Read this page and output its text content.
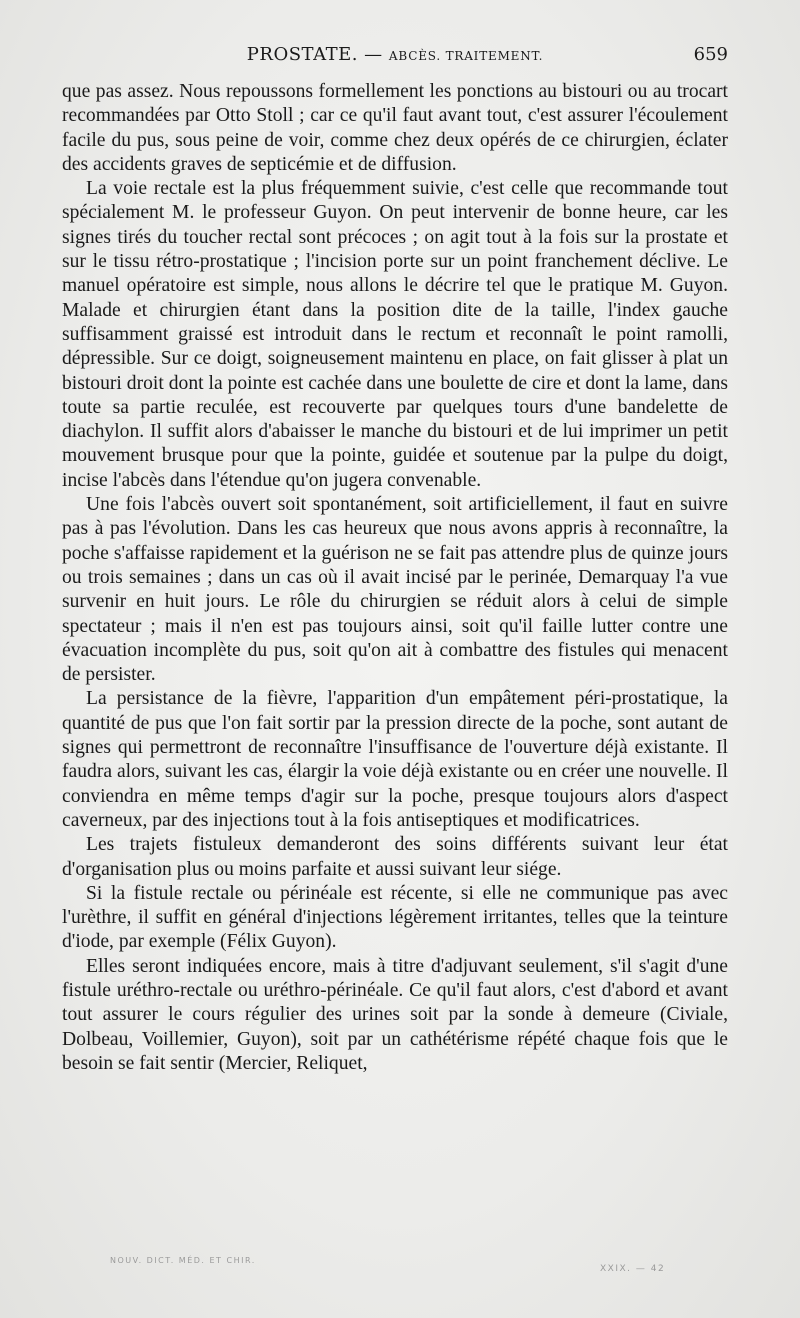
PROSTATE. — ABCÈS. TRAITEMENT.	659

que pas assez. Nous repoussons formellement les ponctions au bistouri ou au trocart recommandées par Otto Stoll ; car ce qu'il faut avant tout, c'est assurer l'écoulement facile du pus, sous peine de voir, comme chez deux opérés de ce chirurgien, éclater des accidents graves de septicémie et de diffusion.

La voie rectale est la plus fréquemment suivie, c'est celle que recommande tout spécialement M. le professeur Guyon. On peut intervenir de bonne heure, car les signes tirés du toucher rectal sont précoces ; on agit tout à la fois sur la prostate et sur le tissu rétro-prostatique ; l'incision porte sur un point franchement déclive. Le manuel opératoire est simple, nous allons le décrire tel que le pratique M. Guyon. Malade et chirurgien étant dans la position dite de la taille, l'index gauche suffisamment graissé est introduit dans le rectum et reconnaît le point ramolli, dépressible. Sur ce doigt, soigneusement maintenu en place, on fait glisser à plat un bistouri droit dont la pointe est cachée dans une boulette de cire et dont la lame, dans toute sa partie reculée, est recouverte par quelques tours d'une bandelette de diachylon. Il suffit alors d'abaisser le manche du bistouri et de lui imprimer un petit mouvement brusque pour que la pointe, guidée et soutenue par la pulpe du doigt, incise l'abcès dans l'étendue qu'on jugera convenable.

Une fois l'abcès ouvert soit spontanément, soit artificiellement, il faut en suivre pas à pas l'évolution. Dans les cas heureux que nous avons appris à reconnaître, la poche s'affaisse rapidement et la guérison ne se fait pas attendre plus de quinze jours ou trois semaines ; dans un cas où il avait incisé par le perinée, Demarquay l'a vue survenir en huit jours. Le rôle du chirurgien se réduit alors à celui de simple spectateur ; mais il n'en est pas toujours ainsi, soit qu'il faille lutter contre une évacuation incomplète du pus, soit qu'on ait à combattre des fistules qui menacent de persister.

La persistance de la fièvre, l'apparition d'un empâtement péri-prostatique, la quantité de pus que l'on fait sortir par la pression directe de la poche, sont autant de signes qui permettront de reconnaître l'insuffisance de l'ouverture déjà existante. Il faudra alors, suivant les cas, élargir la voie déjà existante ou en créer une nouvelle. Il conviendra en même temps d'agir sur la poche, presque toujours alors d'aspect caverneux, par des injections tout à la fois antiseptiques et modificatrices.

Les trajets fistuleux demanderont des soins différents suivant leur état d'organisation plus ou moins parfaite et aussi suivant leur siége.

Si la fistule rectale ou périnéale est récente, si elle ne communique pas avec l'urèthre, il suffit en général d'injections légèrement irritantes, telles que la teinture d'iode, par exemple (Félix Guyon).

Elles seront indiquées encore, mais à titre d'adjuvant seulement, s'il s'agit d'une fistule uréthro-rectale ou uréthro-périnéale. Ce qu'il faut alors, c'est d'abord et avant tout assurer le cours régulier des urines soit par la sonde à demeure (Civiale, Dolbeau, Voillemier, Guyon), soit par un cathétérisme répété chaque fois que le besoin se fait sentir (Mercier, Reliquet,

NOUV. DICT. MÉD. ET CHIR.
XXIX. — 42
